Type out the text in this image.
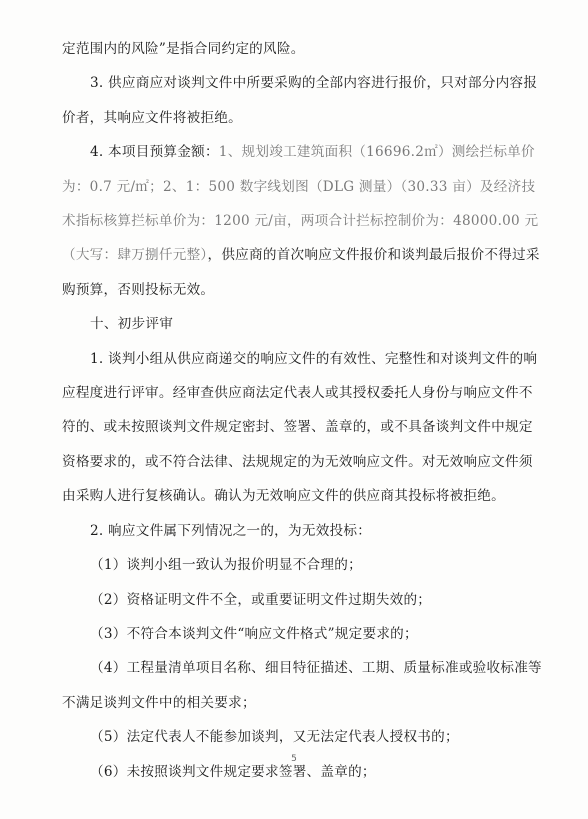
定范围内的风险”是指合同约定的风险。

3. 供应商应对谈判文件中所要采购的全部内容进行报价，只对部分内容报价者，其响应文件将被拒绝。

4. 本项目预算金额：1、规划竣工建筑面积（16696.2㎡）测绘拦标单价为：0.7 元/㎡；2、1：500 数字线划图（DLG 测量）（30.33 亩）及经济技术指标核算拦标单价为：1200 元/亩，两项合计拦标控制价为：48000.00 元（大写：肆万捌仟元整），供应商的首次响应文件报价和谈判最后报价不得过采购预算，否则投标无效。

十、初步评审

1. 谈判小组从供应商递交的响应文件的有效性、完整性和对谈判文件的响应程度进行评审。经审查供应商法定代表人或其授权委托人身份与响应文件不符的、或未按照谈判文件规定密封、签署、盖章的，或不具备谈判文件中规定资格要求的，或不符合法律、法规规定的为无效响应文件。对无效响应文件须由采购人进行复核确认。确认为无效响应文件的供应商其投标将被拒绝。

2. 响应文件属下列情况之一的，为无效投标：

（1）谈判小组一致认为报价明显不合理的；

（2）资格证明文件不全，或重要证明文件过期失效的；

（3）不符合本谈判文件“响应文件格式”规定要求的；

（4）工程量清单项目名称、细目特征描述、工期、质量标准或验收标准等不满足谈判文件中的相关要求；

（5）法定代表人不能参加谈判，又无法定代表人授权书的；

（6）未按照谈判文件规定要求签署、盖章的；

5
